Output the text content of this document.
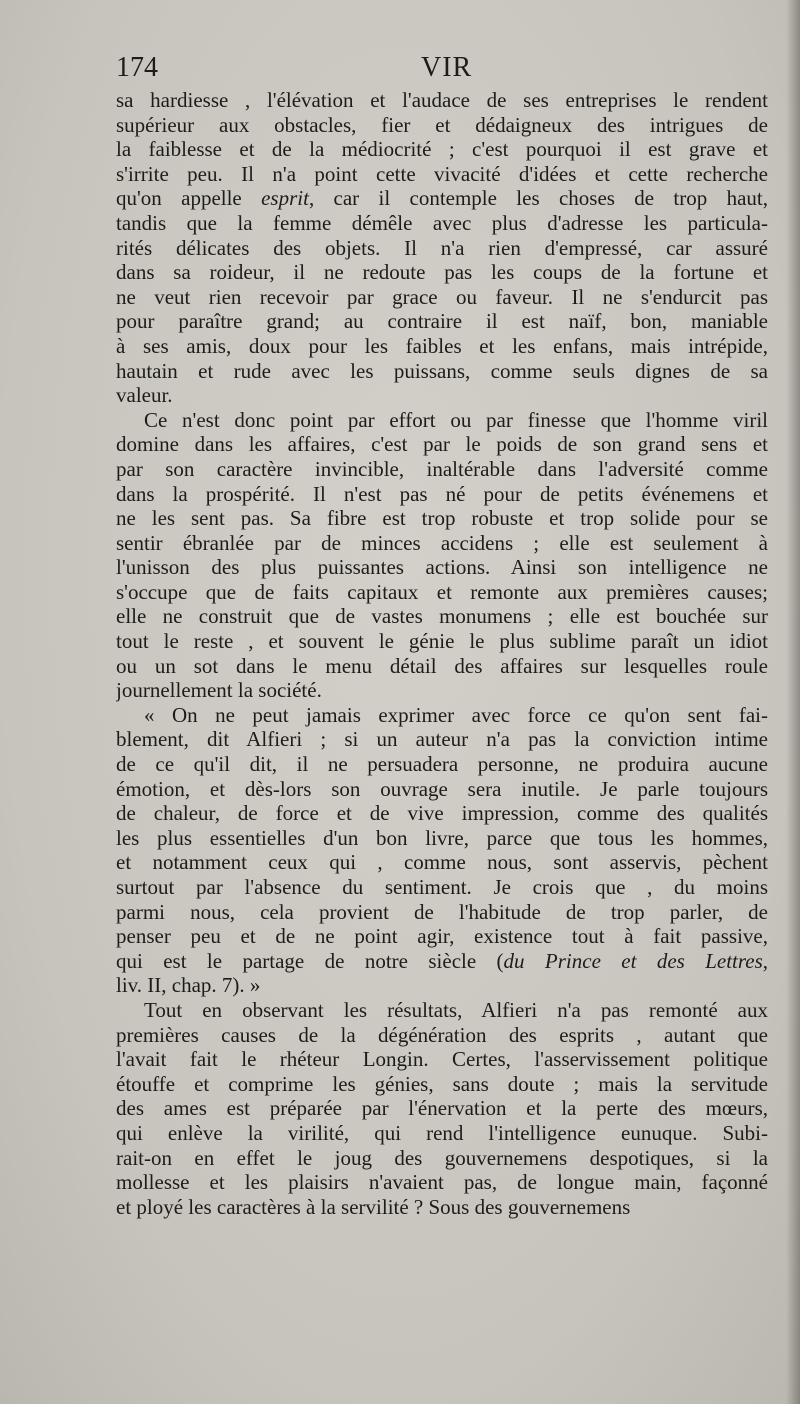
174	VIR
sa hardiesse , l'élévation et l'audace de ses entreprises le rendent
supérieur aux obstacles, fier et dédaigneux des intrigues de
la faiblesse et de la médiocrité ; c'est pourquoi il est grave et
s'irrite peu. Il n'a point cette vivacité d'idées et cette recherche
qu'on appelle esprit, car il contemple les choses de trop haut,
tandis que la femme démêle avec plus d'adresse les particula-
rités délicates des objets. Il n'a rien d'empressé, car assuré
dans sa roideur, il ne redoute pas les coups de la fortune et
ne veut rien recevoir par grace ou faveur. Il ne s'endurcit pas
pour paraître grand; au contraire il est naïf, bon, maniable
à ses amis, doux pour les faibles et les enfans, mais intrépide,
hautain et rude avec les puissans, comme seuls dignes de sa
valeur.
Ce n'est donc point par effort ou par finesse que l'homme viril
domine dans les affaires, c'est par le poids de son grand sens et
par son caractère invincible, inaltérable dans l'adversité comme
dans la prospérité. Il n'est pas né pour de petits événemens et
ne les sent pas. Sa fibre est trop robuste et trop solide pour se
sentir ébranlée par de minces accidens ; elle est seulement à
l'unisson des plus puissantes actions. Ainsi son intelligence ne
s'occupe que de faits capitaux et remonte aux premières causes;
elle ne construit que de vastes monumens ; elle est bouchée sur
tout le reste , et souvent le génie le plus sublime paraît un idiot
ou un sot dans le menu détail des affaires sur lesquelles roule
journellement la société.
« On ne peut jamais exprimer avec force ce qu'on sent fai-
blement, dit Alfieri ; si un auteur n'a pas la conviction intime
de ce qu'il dit, il ne persuadera personne, ne produira aucune
émotion, et dès-lors son ouvrage sera inutile. Je parle toujours
de chaleur, de force et de vive impression, comme des qualités
les plus essentielles d'un bon livre, parce que tous les hommes,
et notamment ceux qui , comme nous, sont asservis, pèchent
surtout par l'absence du sentiment. Je crois que , du moins
parmi nous, cela provient de l'habitude de trop parler, de
penser peu et de ne point agir, existence tout à fait passive,
qui est le partage de notre siècle (du Prince et des Lettres,
liv. II, chap. 7). »
Tout en observant les résultats, Alfieri n'a pas remonté aux
premières causes de la dégénération des esprits , autant que
l'avait fait le rhéteur Longin. Certes, l'asservissement politique
étouffe et comprime les génies, sans doute ; mais la servitude
des ames est préparée par l'énervation et la perte des mœurs,
qui enlève la virilité, qui rend l'intelligence eunuque. Subi-
rait-on en effet le joug des gouvernemens despotiques, si la
mollesse et les plaisirs n'avaient pas, de longue main, façonné
et ployé les caractères à la servilité ? Sous des gouvernemens
